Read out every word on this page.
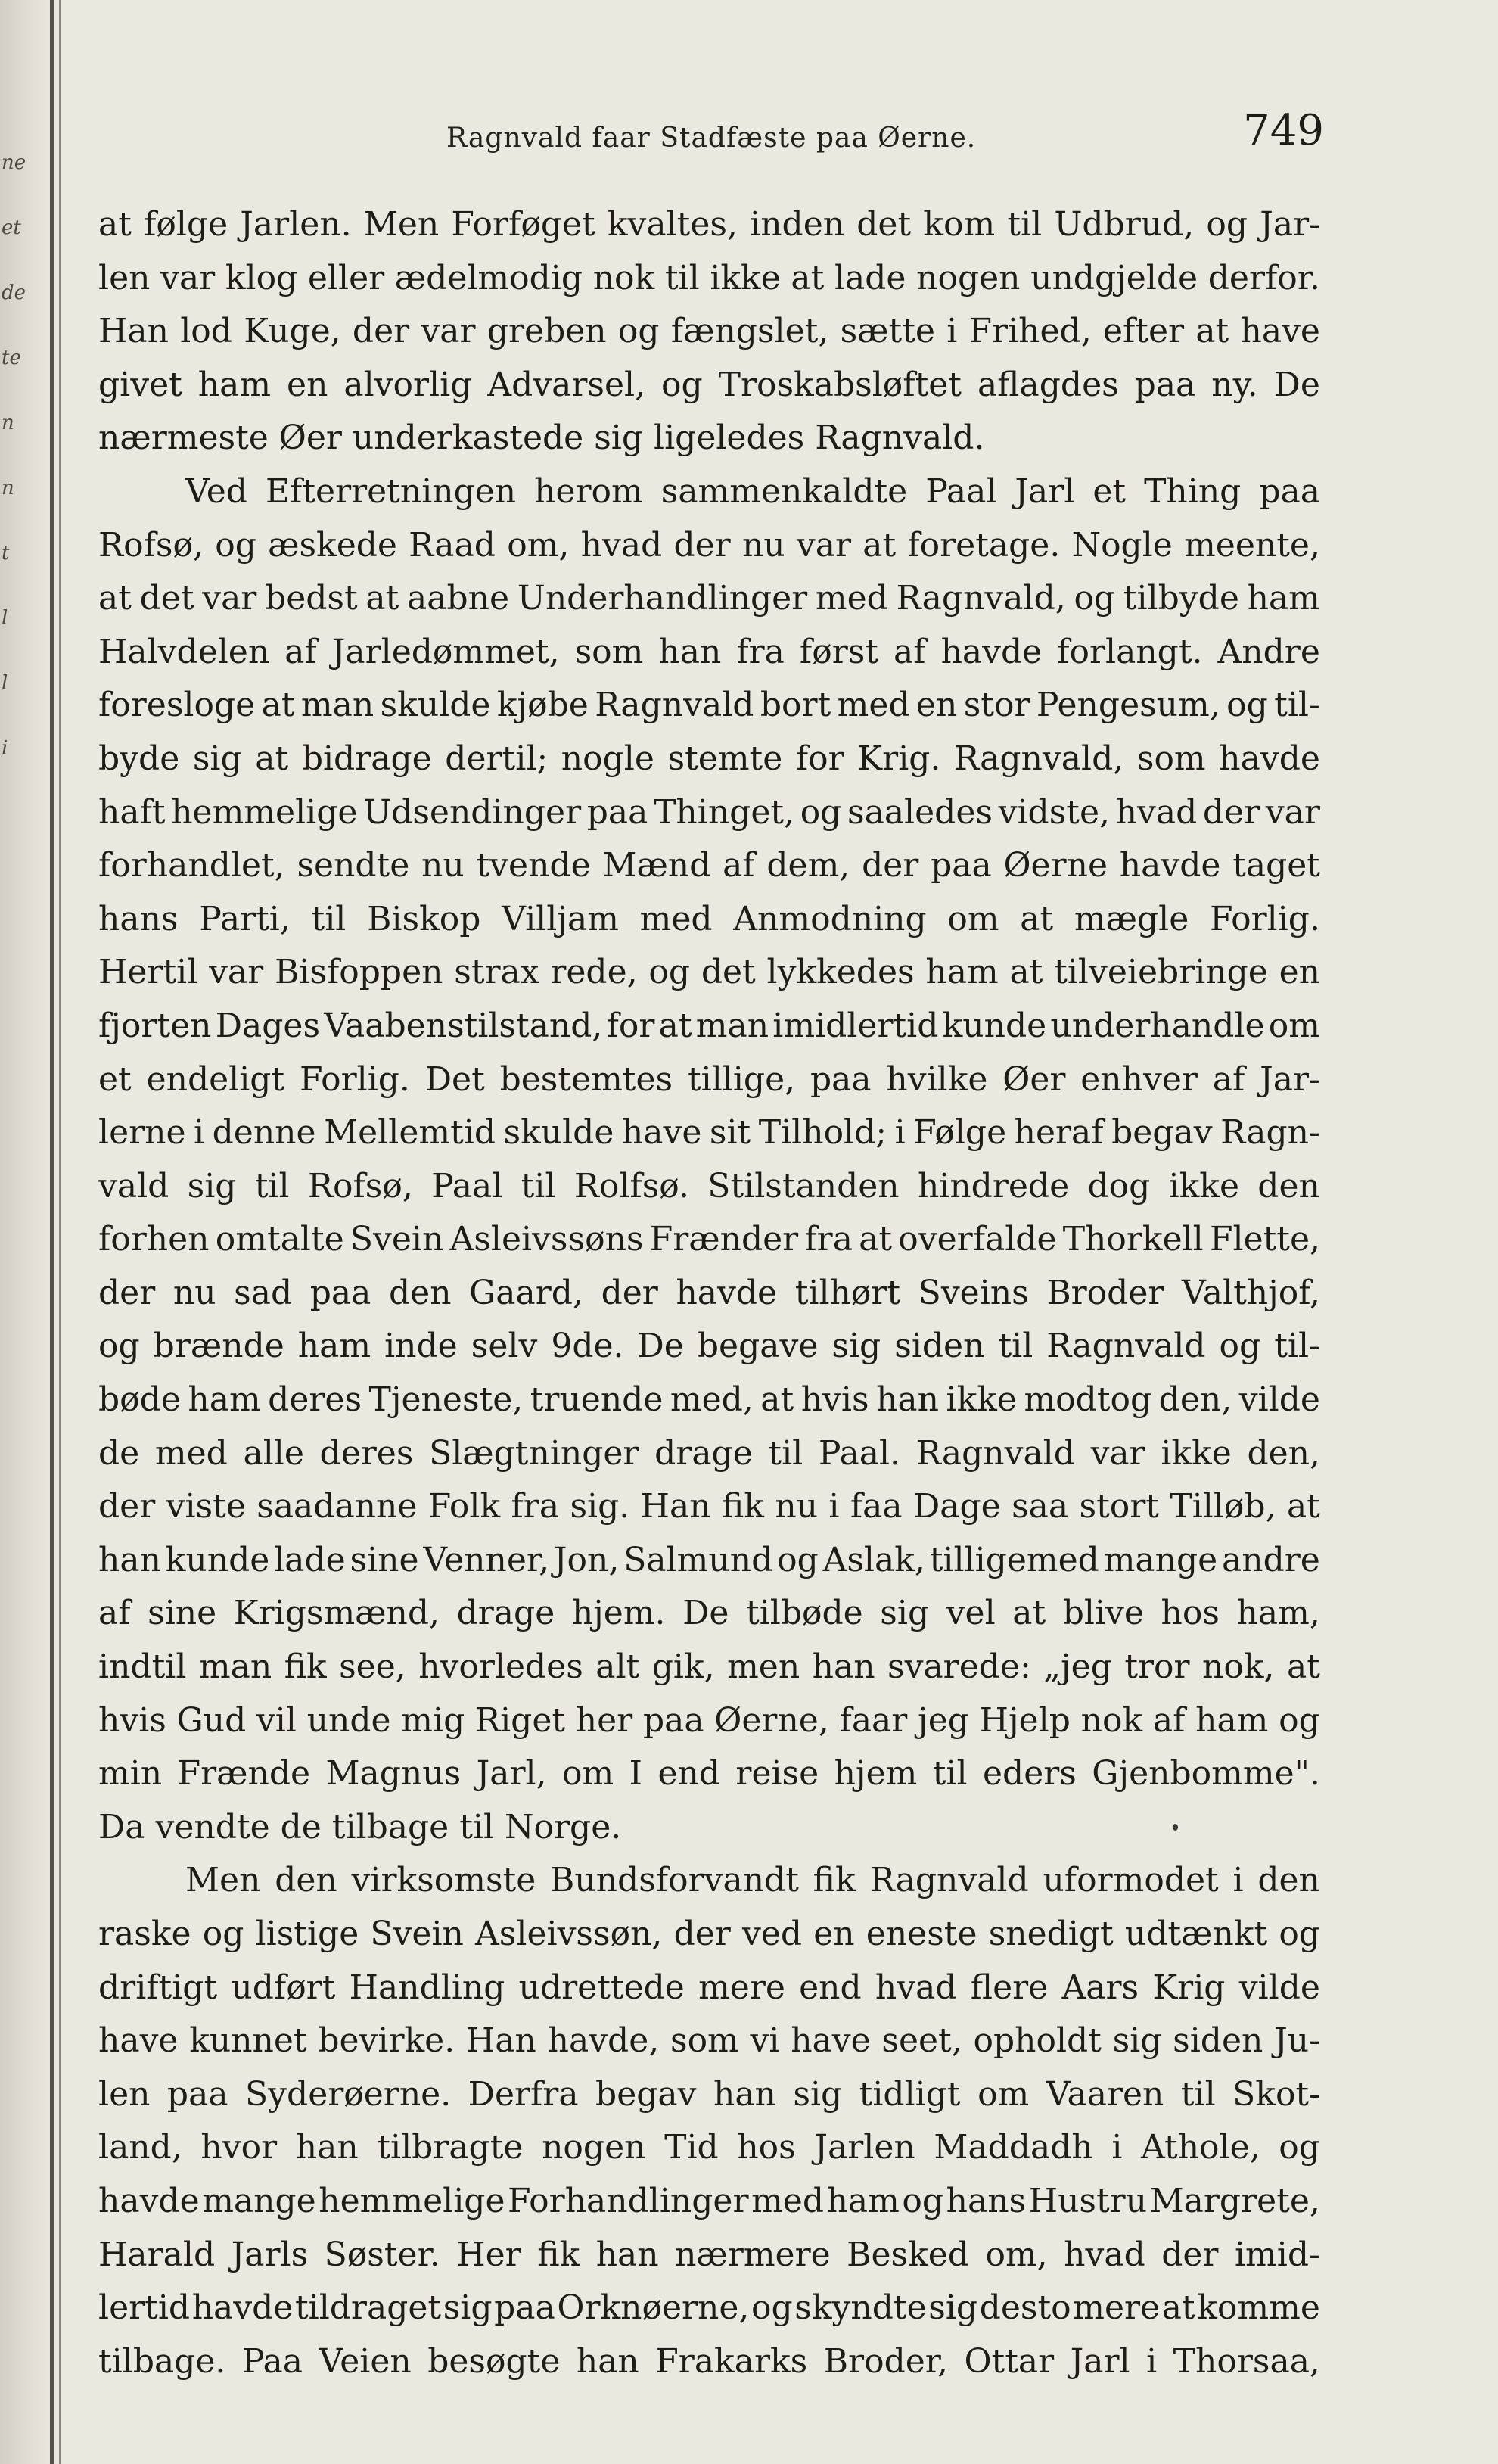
ne
et
de
te
n
n
t
l
l
i
Ragnvald faar Stadfæste paa Øerne.	749
at følge Jarlen. Men Forføget kvaltes, inden det kom til Udbrud, og Jar-
len var klog eller ædelmodig nok til ikke at lade nogen undgjelde derfor.
Han lod Kuge, der var greben og fængslet, sætte i Frihed, efter at have
givet ham en alvorlig Advarsel, og Troskabsløftet aflagdes paa ny. De
nærmeste Øer underkastede sig ligeledes Ragnvald.
Ved Efterretningen herom sammenkaldte Paal Jarl et Thing paa
Rofsø, og æskede Raad om, hvad der nu var at foretage. Nogle meente,
at det var bedst at aabne Underhandlinger med Ragnvald, og tilbyde ham
Halvdelen af Jarledømmet, som han fra først af havde forlangt. Andre
foresloge at man skulde kjøbe Ragnvald bort med en stor Pengesum, og til-
byde sig at bidrage dertil; nogle stemte for Krig. Ragnvald, som havde
haft hemmelige Udsendinger paa Thinget, og saaledes vidste, hvad der var
forhandlet, sendte nu tvende Mænd af dem, der paa Øerne havde taget
hans Parti, til Biskop Villjam med Anmodning om at mægle Forlig.
Hertil var Bisfoppen strax rede, og det lykkedes ham at tilveiebringe en
fjorten Dages Vaabenstilstand, for at man imidlertid kunde underhandle om
et endeligt Forlig. Det bestemtes tillige, paa hvilke Øer enhver af Jar-
lerne i denne Mellemtid skulde have sit Tilhold; i Følge heraf begav Ragn-
vald sig til Rofsø, Paal til Rolfsø. Stilstanden hindrede dog ikke den
forhen omtalte Svein Asleivssøns Frænder fra at overfalde Thorkell Flette,
der nu sad paa den Gaard, der havde tilhørt Sveins Broder Valthjof,
og brænde ham inde selv 9de. De begave sig siden til Ragnvald og til-
bøde ham deres Tjeneste, truende med, at hvis han ikke modtog den, vilde
de med alle deres Slægtninger drage til Paal. Ragnvald var ikke den,
der viste saadanne Folk fra sig. Han fik nu i faa Dage saa stort Tilløb, at
han kunde lade sine Venner, Jon, Salmund og Aslak, tilligemed mange andre
af sine Krigsmænd, drage hjem. De tilbøde sig vel at blive hos ham,
indtil man fik see, hvorledes alt gik, men han svarede: „jeg tror nok, at
hvis Gud vil unde mig Riget her paa Øerne, faar jeg Hjelp nok af ham og
min Frænde Magnus Jarl, om I end reise hjem til eders Gjenbomme".
Da vendte de tilbage til Norge.
Men den virksomste Bundsforvandt fik Ragnvald uformodet i den
raske og listige Svein Asleivssøn, der ved en eneste snedigt udtænkt og
driftigt udført Handling udrettede mere end hvad flere Aars Krig vilde
have kunnet bevirke. Han havde, som vi have seet, opholdt sig siden Ju-
len paa Syderøerne. Derfra begav han sig tidligt om Vaaren til Skot-
land, hvor han tilbragte nogen Tid hos Jarlen Maddadh i Athole, og
havde mange hemmelige Forhandlinger med ham og hans Hustru Margrete,
Harald Jarls Søster. Her fik han nærmere Besked om, hvad der imid-
lertid havde tildraget sig paa Orknøerne, og skyndte sig desto mere at komme
tilbage. Paa Veien besøgte han Frakarks Broder, Ottar Jarl i Thorsaa,
